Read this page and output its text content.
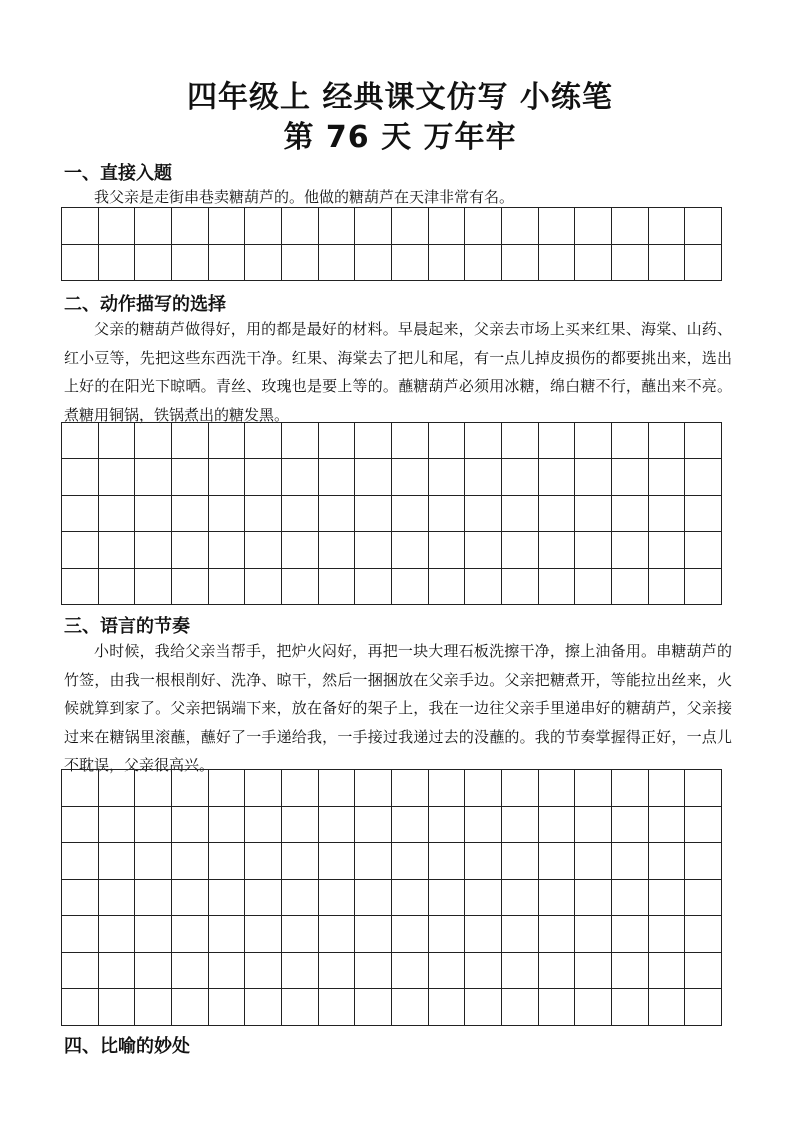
四年级上 经典课文仿写 小练笔
第 76 天 万年牢
一、直接入题

我父亲是走街串巷卖糖葫芦的。他做的糖葫芦在天津非常有名。

二、动作描写的选择

父亲的糖葫芦做得好，用的都是最好的材料。早晨起来，父亲去市场上买来红果、海棠、山药、红小豆等，先把这些东西洗干净。红果、海棠去了把儿和尾，有一点儿掉皮损伤的都要挑出来，选出上好的在阳光下晾晒。青丝、玫瑰也是要上等的。蘸糖葫芦必须用冰糖，绵白糖不行，蘸出来不亮。煮糖用铜锅，铁锅煮出的糖发黑。

三、语言的节奏

小时候，我给父亲当帮手，把炉火闷好，再把一块大理石板洗擦干净，擦上油备用。串糖葫芦的竹签，由我一根根削好、洗净、晾干，然后一捆捆放在父亲手边。父亲把糖煮开，等能拉出丝来，火候就算到家了。父亲把锅端下来，放在备好的架子上，我在一边往父亲手里递串好的糖葫芦，父亲接过来在糖锅里滚蘸，蘸好了一手递给我，一手接过我递过去的没蘸的。我的节奏掌握得正好，一点儿不耽误，父亲很高兴。

四、比喻的妙处
